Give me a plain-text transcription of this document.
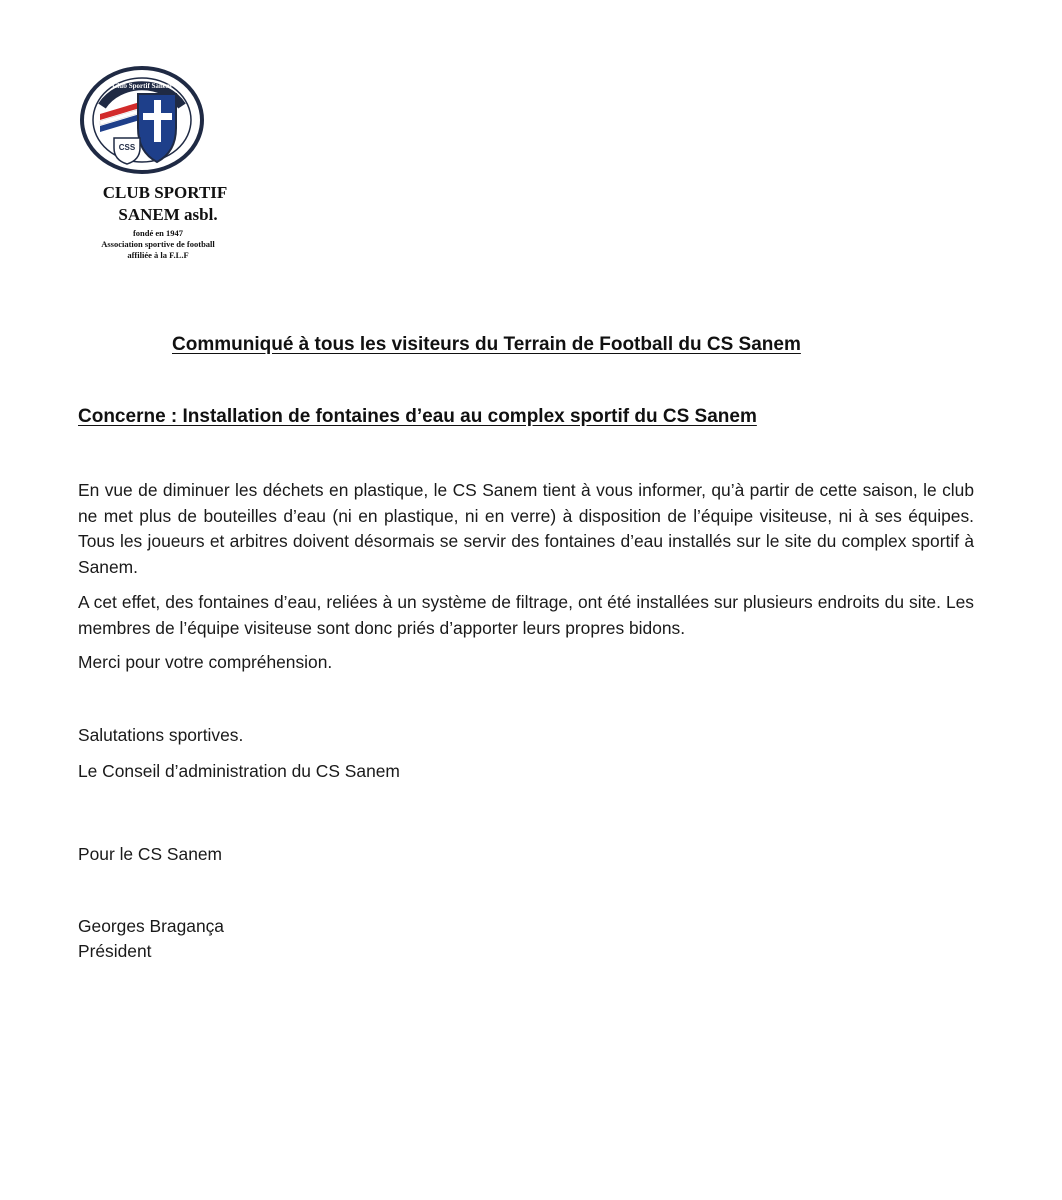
Club Sportif Sanem
CSS
CLUB SPORTIF
SANEM asbl.
fondé en 1947
Association sportive de football
affiliée à la F.L.F
Communiqué à tous les visiteurs du Terrain de Football du CS Sanem
Concerne : Installation de fontaines d’eau au complex sportif du CS Sanem
En vue de diminuer les déchets en plastique, le CS Sanem tient à vous informer, qu’à partir de cette saison, le club ne met plus de bouteilles d’eau (ni en plastique, ni en verre) à disposition de l’équipe visiteuse, ni à ses équipes. Tous les joueurs et arbitres doivent désormais se servir des fontaines d’eau installés sur le site du complex sportif à Sanem.
A cet effet, des fontaines d’eau, reliées à un système de filtrage, ont été installées sur plusieurs endroits du site. Les membres de l’équipe visiteuse sont donc priés d’apporter leurs propres bidons.
Merci pour votre compréhension.
Salutations sportives.
Le Conseil d’administration du CS Sanem
Pour le CS Sanem
Georges Bragança
Président
